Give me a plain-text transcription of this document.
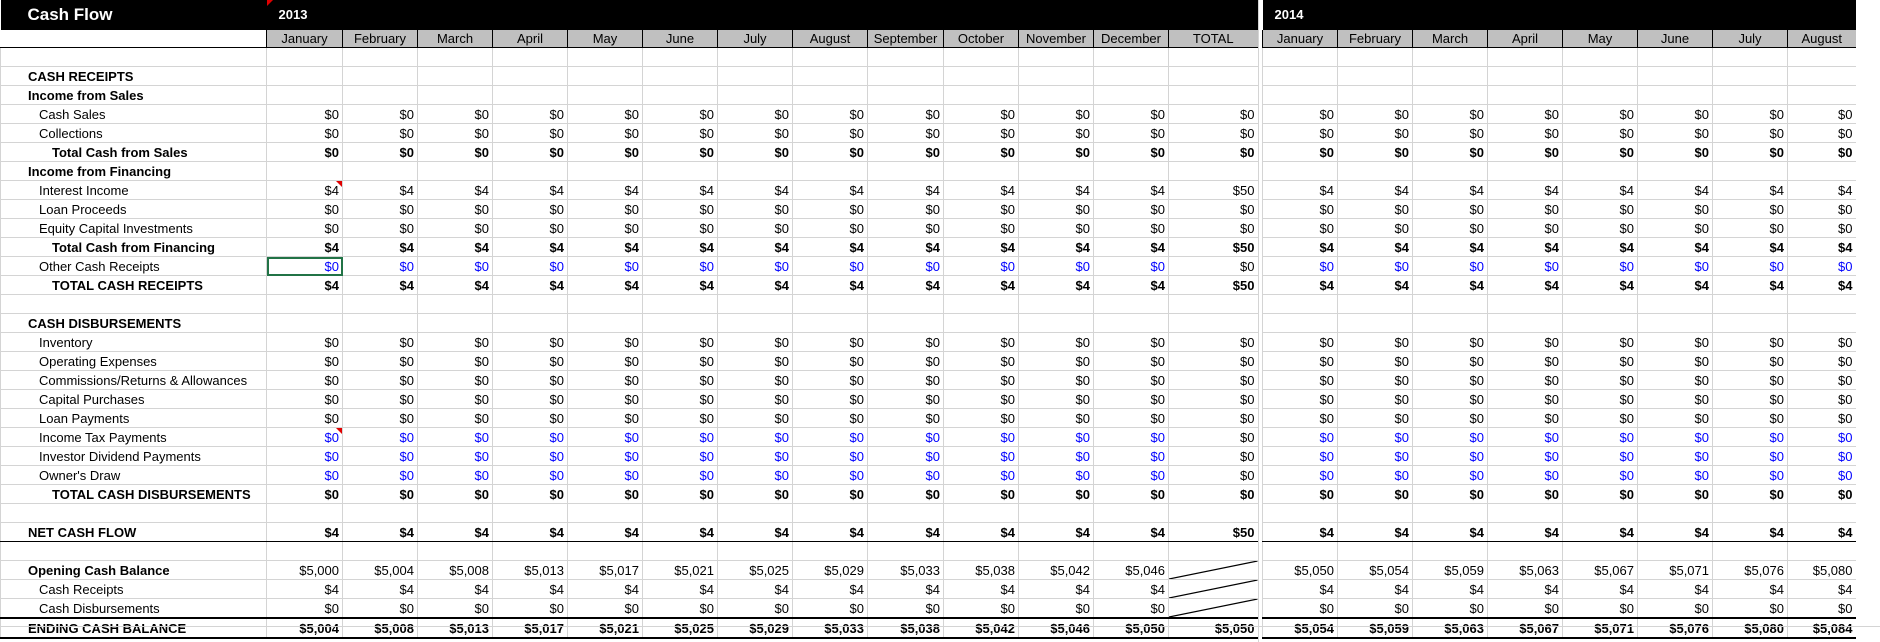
Cash Flow	2013												

	January	February	March	April	May	June	July	August	September	October	November	December	TOTAL

CASH RECEIPTS													
Income from Sales													
Cash Sales	$0	$0	$0	$0	$0	$0	$0	$0	$0	$0	$0	$0	$0
Collections	$0	$0	$0	$0	$0	$0	$0	$0	$0	$0	$0	$0	$0
Total Cash from Sales	$0	$0	$0	$0	$0	$0	$0	$0	$0	$0	$0	$0	$0
Income from Financing													
Interest Income	$4	$4	$4	$4	$4	$4	$4	$4	$4	$4	$4	$4	$50
Loan Proceeds	$0	$0	$0	$0	$0	$0	$0	$0	$0	$0	$0	$0	$0
Equity Capital Investments	$0	$0	$0	$0	$0	$0	$0	$0	$0	$0	$0	$0	$0
Total Cash from Financing	$4	$4	$4	$4	$4	$4	$4	$4	$4	$4	$4	$4	$50
Other Cash Receipts	$0	$0	$0	$0	$0	$0	$0	$0	$0	$0	$0	$0	$0
TOTAL CASH RECEIPTS	$4	$4	$4	$4	$4	$4	$4	$4	$4	$4	$4	$4	$50

CASH DISBURSEMENTS													
Inventory	$0	$0	$0	$0	$0	$0	$0	$0	$0	$0	$0	$0	$0
Operating Expenses	$0	$0	$0	$0	$0	$0	$0	$0	$0	$0	$0	$0	$0
Commissions/Returns & Allowances	$0	$0	$0	$0	$0	$0	$0	$0	$0	$0	$0	$0	$0
Capital Purchases	$0	$0	$0	$0	$0	$0	$0	$0	$0	$0	$0	$0	$0
Loan Payments	$0	$0	$0	$0	$0	$0	$0	$0	$0	$0	$0	$0	$0
Income Tax Payments	$0	$0	$0	$0	$0	$0	$0	$0	$0	$0	$0	$0	$0
Investor Dividend Payments	$0	$0	$0	$0	$0	$0	$0	$0	$0	$0	$0	$0	$0
Owner's Draw	$0	$0	$0	$0	$0	$0	$0	$0	$0	$0	$0	$0	$0
TOTAL CASH DISBURSEMENTS	$0	$0	$0	$0	$0	$0	$0	$0	$0	$0	$0	$0	$0

NET CASH FLOW	$4	$4	$4	$4	$4	$4	$4	$4	$4	$4	$4	$4	$50

Opening Cash Balance	$5,000	$5,004	$5,008	$5,013	$5,017	$5,021	$5,025	$5,029	$5,033	$5,038	$5,042	$5,046	

Cash Receipts	$4	$4	$4	$4	$4	$4	$4	$4	$4	$4	$4	$4	

Cash Disbursements	$0	$0	$0	$0	$0	$0	$0	$0	$0	$0	$0	$0	

ENDING CASH BALANCE	$5,004	$5,008	$5,013	$5,017	$5,021	$5,025	$5,029	$5,033	$5,038	$5,042	$5,046	$5,050	$5,050
2014							
January	February	March	April	May	June	July	August

$0	$0	$0	$0	$0	$0	$0	$0
$0	$0	$0	$0	$0	$0	$0	$0
$0	$0	$0	$0	$0	$0	$0	$0

$4	$4	$4	$4	$4	$4	$4	$4
$0	$0	$0	$0	$0	$0	$0	$0
$0	$0	$0	$0	$0	$0	$0	$0
$4	$4	$4	$4	$4	$4	$4	$4
$0	$0	$0	$0	$0	$0	$0	$0
$4	$4	$4	$4	$4	$4	$4	$4

$0	$0	$0	$0	$0	$0	$0	$0
$0	$0	$0	$0	$0	$0	$0	$0
$0	$0	$0	$0	$0	$0	$0	$0
$0	$0	$0	$0	$0	$0	$0	$0
$0	$0	$0	$0	$0	$0	$0	$0
$0	$0	$0	$0	$0	$0	$0	$0
$0	$0	$0	$0	$0	$0	$0	$0
$0	$0	$0	$0	$0	$0	$0	$0
$0	$0	$0	$0	$0	$0	$0	$0

$4	$4	$4	$4	$4	$4	$4	$4

$5,050	$5,054	$5,059	$5,063	$5,067	$5,071	$5,076	$5,080
$4	$4	$4	$4	$4	$4	$4	$4
$0	$0	$0	$0	$0	$0	$0	$0
$5,054	$5,059	$5,063	$5,067	$5,071	$5,076	$5,080	$5,084
